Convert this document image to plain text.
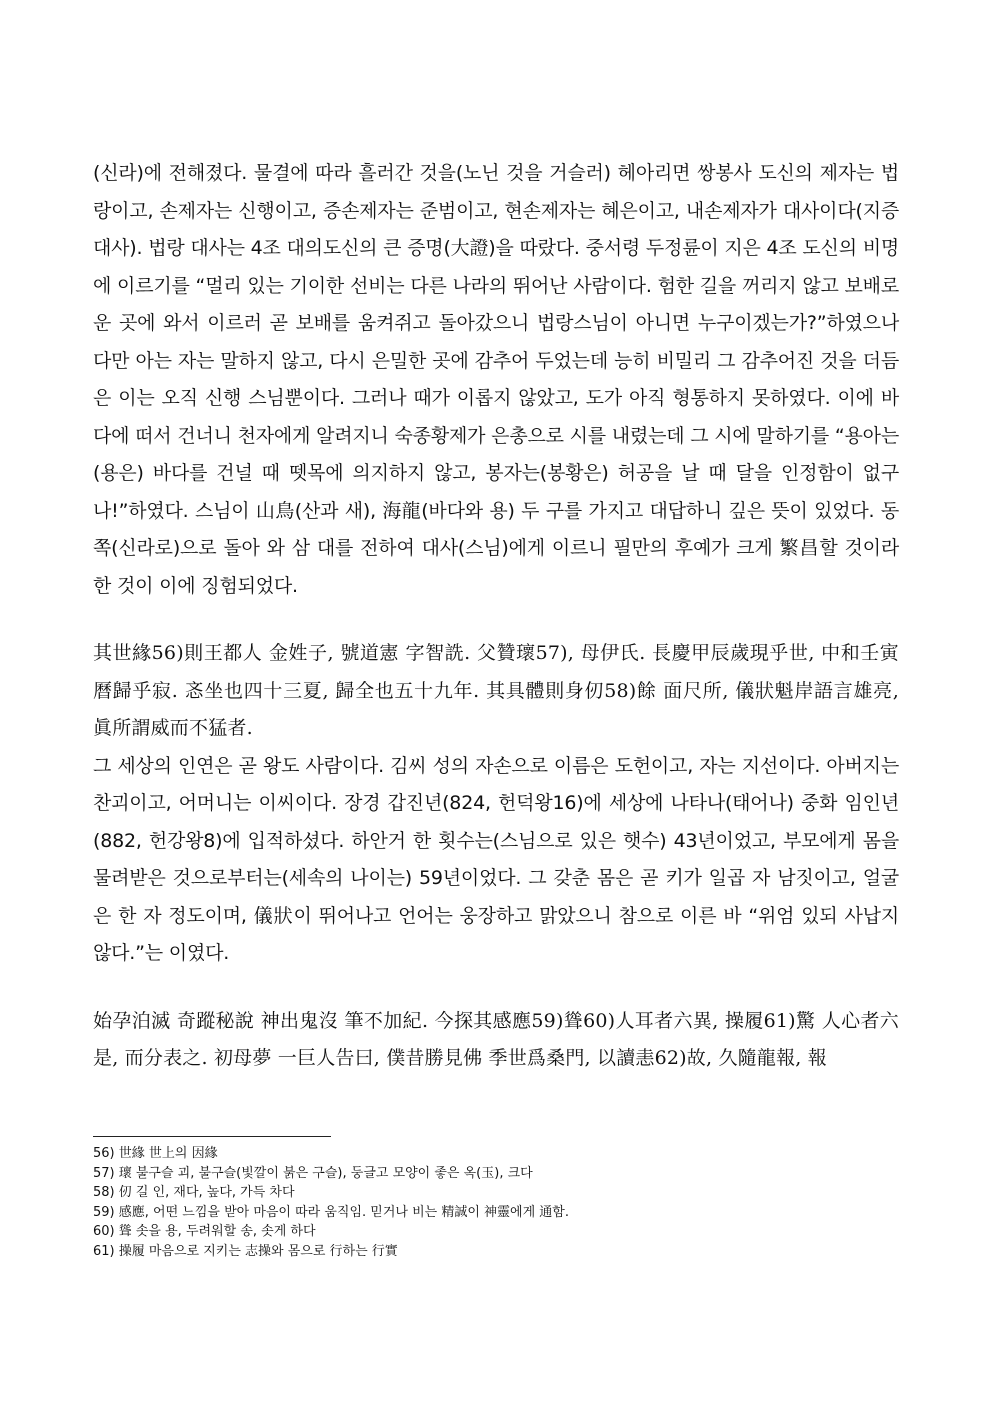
(신라)에 전해졌다. 물결에 따라 흘러간 것을(노닌 것을 거슬러) 헤아리면 쌍봉사 도신의 제자는 법랑이고, 손제자는 신행이고, 증손제자는 준범이고, 현손제자는 혜은이고, 내손제자가 대사이다(지증대사). 법랑 대사는 4조 대의도신의 큰 증명(大證)을 따랐다. 중서령 두정륜이 지은 4조 도신의 비명에 이르기를 “멀리 있는 기이한 선비는 다른 나라의 뛰어난 사람이다. 험한 길을 꺼리지 않고 보배로운 곳에 와서 이르러 곧 보배를 움켜쥐고 돌아갔으니 법랑스님이 아니면 누구이겠는가?”하였으나 다만 아는 자는 말하지 않고, 다시 은밀한 곳에 감추어 두었는데 능히 비밀리 그 감추어진 것을 더듬은 이는 오직 신행 스님뿐이다. 그러나 때가 이롭지 않았고, 도가 아직 형통하지 못하였다. 이에 바다에 떠서 건너니 천자에게 알려지니 숙종황제가 은총으로 시를 내렸는데 그 시에 말하기를 “용아는(용은) 바다를 건널 때 뗏목에 의지하지 않고, 봉자는(봉황은) 허공을 날 때 달을 인정함이 없구나!”하였다. 스님이 山鳥(산과 새), 海龍(바다와 용) 두 구를 가지고 대답하니 깊은 뜻이 있었다. 동쪽(신라로)으로 돌아 와 삼 대를 전하여 대사(스님)에게 이르니 필만의 후예가 크게 繁昌할 것이라 한 것이 이에 징험되었다.

其世緣56)則王都人 金姓子, 號道憲 字智詵. 父贊瓌57), 母伊氏. 長慶甲辰歲現乎世, 中和壬寅曆歸乎寂. 忞坐也四十三夏, 歸全也五十九年. 其具體則身仞58)餘 面尺所, 儀狀魁岸語言雄亮, 眞所謂威而不猛者.

그 세상의 인연은 곧 왕도 사람이다. 김씨 성의 자손으로 이름은 도헌이고, 자는 지선이다. 아버지는 찬괴이고, 어머니는 이씨이다. 장경 갑진년(824, 헌덕왕16)에 세상에 나타나(태어나) 중화 임인년(882, 헌강왕8)에 입적하셨다. 하안거 한 횟수는(스님으로 있은 햇수) 43년이었고, 부모에게 몸을 물려받은 것으로부터는(세속의 나이는) 59년이었다. 그 갖춘 몸은 곧 키가 일곱 자 남짓이고, 얼굴은 한 자 정도이며, 儀狀이 뛰어나고 언어는 웅장하고 맑았으니 참으로 이른 바 “위엄 있되 사납지 않다.”는 이였다.

始孕泊滅 奇蹤秘說 神出鬼沒 筆不加紀. 今探其感應59)聳60)人耳者六異, 操履61)驚 人心者六是, 而分表之. 初母夢 一巨人告曰, 僕昔勝見佛 季世爲桑門, 以讀恚62)故, 久隨龍報, 報

56) 世緣 世上의 因緣

57) 瓌 불구슬 괴, 불구슬(빛깔이 붉은 구슬), 둥글고 모양이 좋은 옥(玉), 크다

58) 仞 길 인, 재다, 높다, 가득 차다

59) 感應, 어떤 느낌을 받아 마음이 따라 움직임. 믿거나 비는 精誠이 神靈에게 通함.

60) 聳 솟을 용, 두려워할 송, 솟게 하다

61) 操履 마음으로 지키는 志操와 몸으로 行하는 行實
